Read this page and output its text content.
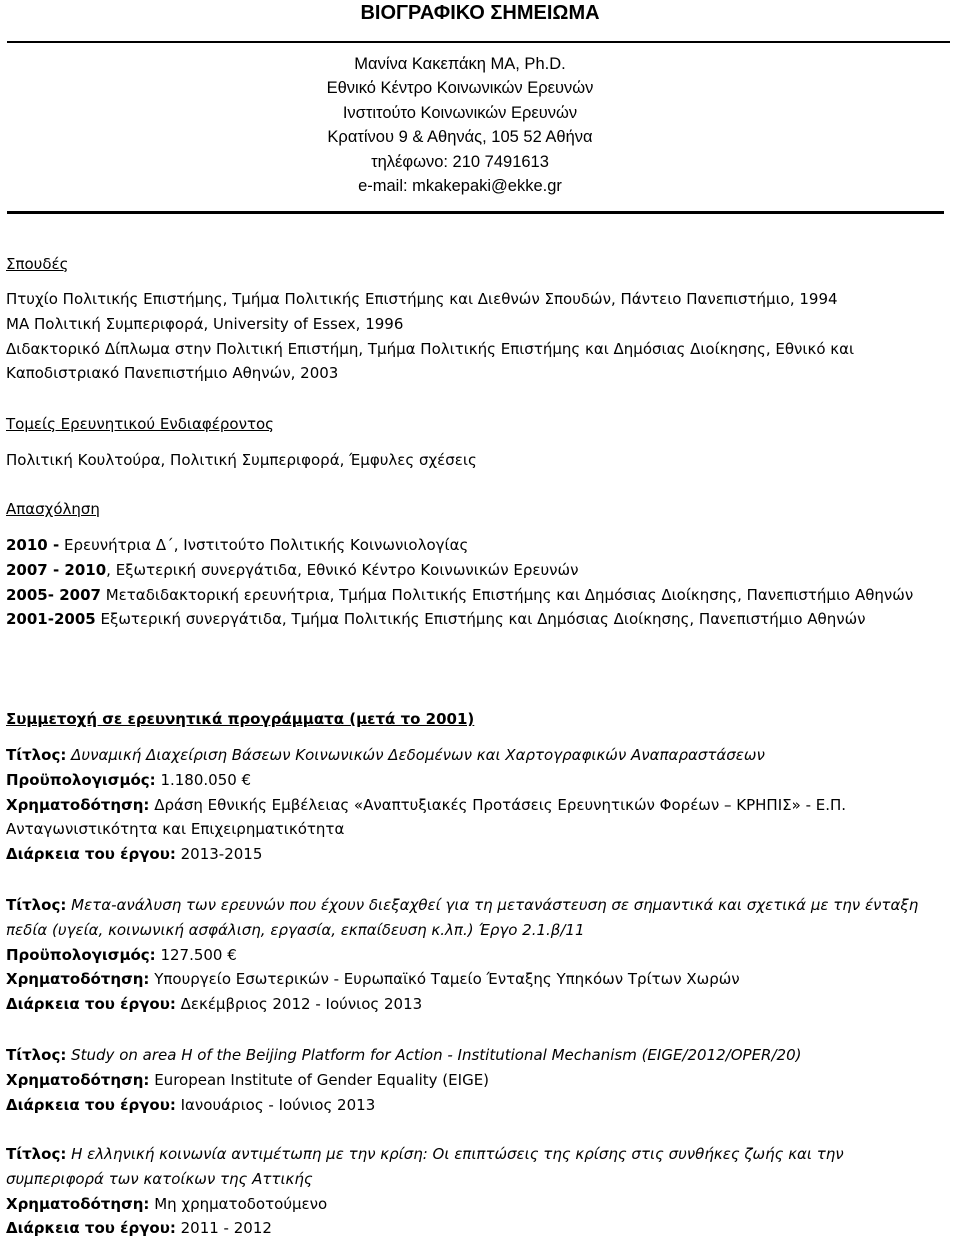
ΒΙΟΓΡΑΦΙΚΟ ΣΗΜΕΙΩΜΑ
Μανίνα Κακεπάκη ΜΑ, Ph.D.
Εθνικό Κέντρο Κοινωνικών Ερευνών
Ινστιτούτο Κοινωνικών Ερευνών
Κρατίνου 9 & Αθηνάς, 105 52 Αθήνα
τηλέφωνο: 210 7491613
e-mail: mkakepaki@ekke.gr
Σπουδές
Πτυχίο Πολιτικής Επιστήμης, Τμήμα Πολιτικής Επιστήμης και Διεθνών Σπουδών, Πάντειο Πανεπιστήμιο, 1994
ΜΑ Πολιτική Συμπεριφορά, University of Essex, 1996
Διδακτορικό Δίπλωμα στην Πολιτική Επιστήμη, Τμήμα Πολιτικής Επιστήμης και Δημόσιας Διοίκησης, Εθνικό και Καποδιστριακό Πανεπιστήμιο Αθηνών, 2003
Τομείς Ερευνητικού Ενδιαφέροντος
Πολιτική Κουλτούρα, Πολιτική Συμπεριφορά, Έμφυλες σχέσεις
Απασχόληση
2010 - Ερευνήτρια Δ΄, Ινστιτούτο Πολιτικής Κοινωνιολογίας
2007 - 2010, Εξωτερική συνεργάτιδα, Εθνικό Κέντρο Κοινωνικών Ερευνών
2005- 2007 Μεταδιδακτορική ερευνήτρια, Τμήμα Πολιτικής Επιστήμης και Δημόσιας Διοίκησης, Πανεπιστήμιο Αθηνών
2001-2005 Εξωτερική συνεργάτιδα, Τμήμα Πολιτικής Επιστήμης και Δημόσιας Διοίκησης, Πανεπιστήμιο Αθηνών
Συμμετοχή σε ερευνητικά προγράμματα (μετά το 2001)
Τίτλος: Δυναμική Διαχείριση Βάσεων Κοινωνικών Δεδομένων και Χαρτογραφικών Αναπαραστάσεων
Προϋπολογισμός: 1.180.050 €
Χρηματοδότηση: Δράση Εθνικής Εμβέλειας «Αναπτυξιακές Προτάσεις Ερευνητικών Φορέων – ΚΡΗΠΙΣ» - Ε.Π. Ανταγωνιστικότητα και Επιχειρηματικότητα
Διάρκεια του έργου: 2013-2015
Τίτλος: Μετα-ανάλυση των ερευνών που έχουν διεξαχθεί για τη μετανάστευση σε σημαντικά και σχετικά με την ένταξη πεδία (υγεία, κοινωνική ασφάλιση, εργασία, εκπαίδευση κ.λπ.) Έργο 2.1.β/11
Προϋπολογισμός: 127.500 €
Χρηματοδότηση: Υπουργείο Εσωτερικών - Ευρωπαϊκό Ταμείο Ένταξης Υπηκόων Τρίτων Χωρών
Διάρκεια του έργου: Δεκέμβριος 2012 - Ιούνιος 2013
Τίτλος: Study on area H of the Beijing Platform for Action - Institutional Mechanism (EIGE/2012/OPER/20)
Χρηματοδότηση: European Institute of Gender Equality (EIGE)
Διάρκεια του έργου: Ιανουάριος - Ιούνιος 2013
Τίτλος: Η ελληνική κοινωνία αντιμέτωπη με την κρίση: Οι επιπτώσεις της κρίσης στις συνθήκες ζωής και την συμπεριφορά των κατοίκων της Αττικής
Χρηματοδότηση: Μη χρηματοδοτούμενο
Διάρκεια του έργου: 2011 - 2012
